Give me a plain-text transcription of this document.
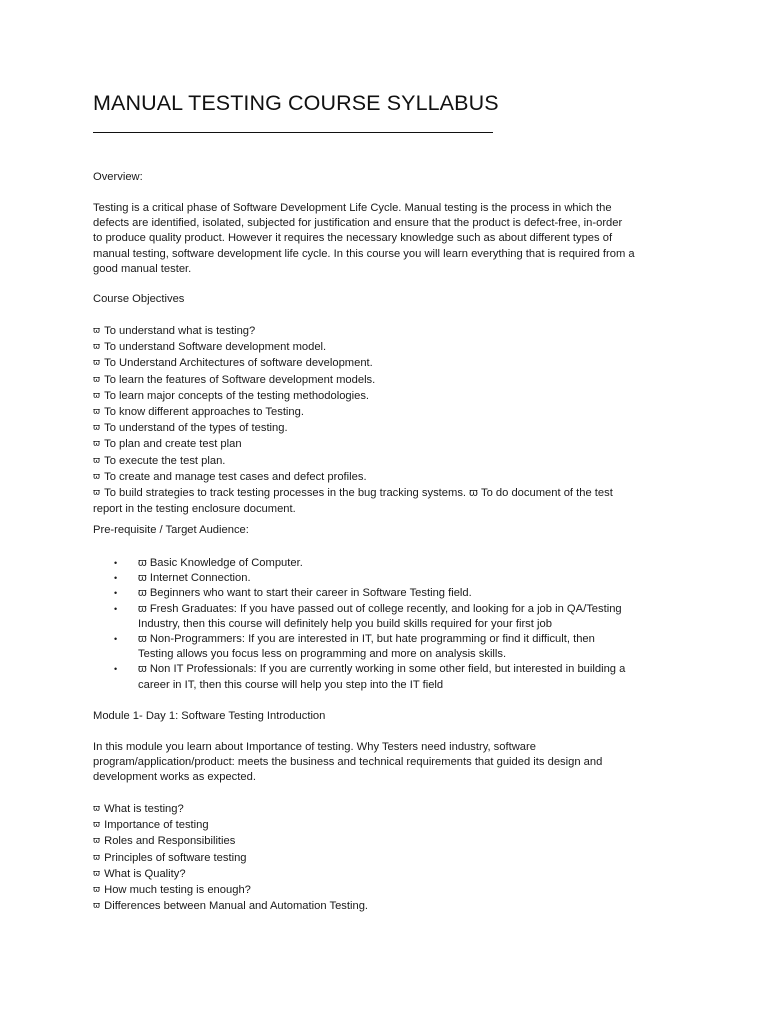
MANUAL TESTING COURSE SYLLABUS

Overview:

Testing is a critical phase of Software Development Life Cycle. Manual testing is the process in which the
defects are identified, isolated, subjected for justification and ensure that the product is defect-free, in-order
to produce quality product. However it requires the necessary knowledge such as about different types of
manual testing, software development life cycle. In this course you will learn everything that is required from a
good manual tester.

Course Objectives

ϖ To understand what is testing?
ϖ To understand Software development model.
ϖ To Understand Architectures of software development.
ϖ To learn the features of Software development models.
ϖ To learn major concepts of the testing methodologies.
ϖ To know different approaches to Testing.
ϖ To understand of the types of testing.
ϖ To plan and create test plan
ϖ To execute the test plan.
ϖ To create and manage test cases and defect profiles.
ϖ To build strategies to track testing processes in the bug tracking systems. ϖ To do document of the test
report in the testing enclosure document.

Pre-requisite / Target Audience:

• ϖ Basic Knowledge of Computer.
• ϖ Internet Connection.
• ϖ Beginners who want to start their career in Software Testing field.
• ϖ Fresh Graduates: If you have passed out of college recently, and looking for a job in QA/Testing
Industry, then this course will definitely help you build skills required for your first job
• ϖ Non-Programmers: If you are interested in IT, but hate programming or find it difficult, then
Testing allows you focus less on programming and more on analysis skills.
• ϖ Non IT Professionals: If you are currently working in some other field, but interested in building a
career in IT, then this course will help you step into the IT field

Module 1- Day 1: Software Testing Introduction

In this module you learn about Importance of testing. Why Testers need industry, software
program/application/product: meets the business and technical requirements that guided its design and
development works as expected.
ϖ What is testing?
ϖ Importance of testing
ϖ Roles and Responsibilities
ϖ Principles of software testing
ϖ What is Quality?
ϖ How much testing is enough?
ϖ Differences between Manual and Automation Testing.
